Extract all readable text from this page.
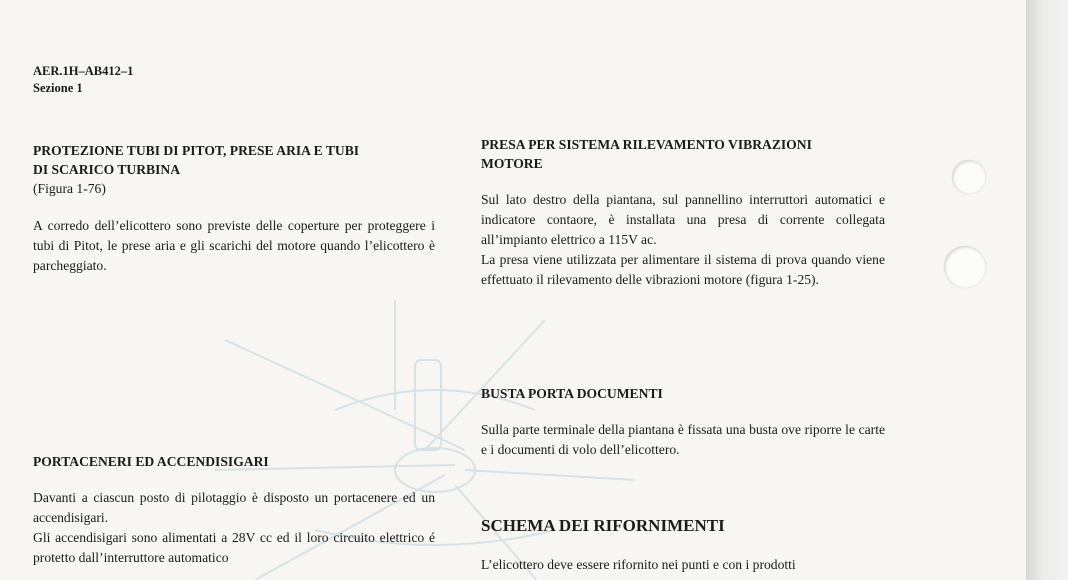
AER.1H–AB412–1
Sezione 1
PROTEZIONE TUBI DI PITOT, PRESE ARIA E TUBI
DI SCARICO TURBINA

(Figura 1-76)

A corredo dell’elicottero sono previste delle coperture per proteggere i tubi di Pitot, le prese aria e gli scarichi del motore quando l’elicottero è parcheggiato.

PORTACENERI ED ACCENDISIGARI

Davanti a ciascun posto di pilotaggio è disposto un portacenere ed un accendisigari.

Gli accendisigari sono alimentati a 28V cc ed il loro circuito elettrico é protetto dall’interruttore automatico

PRESA PER SISTEMA RILEVAMENTO VIBRAZIONI
MOTORE

Sul lato destro della piantana, sul pannellino interruttori automatici e indicatore contaore, è installata una presa di corrente collegata all’impianto elettrico a 115V ac.

La presa viene utilizzata per alimentare il sistema di prova quando viene effettuato il rilevamento delle vibrazioni motore (figura 1-25).

BUSTA PORTA DOCUMENTI

Sulla parte terminale della piantana è fissata una busta ove riporre le carte e i documenti di volo dell’elicottero.

SCHEMA DEI RIFORNIMENTI

L’elicottero deve essere rifornito nei punti e con i prodotti
